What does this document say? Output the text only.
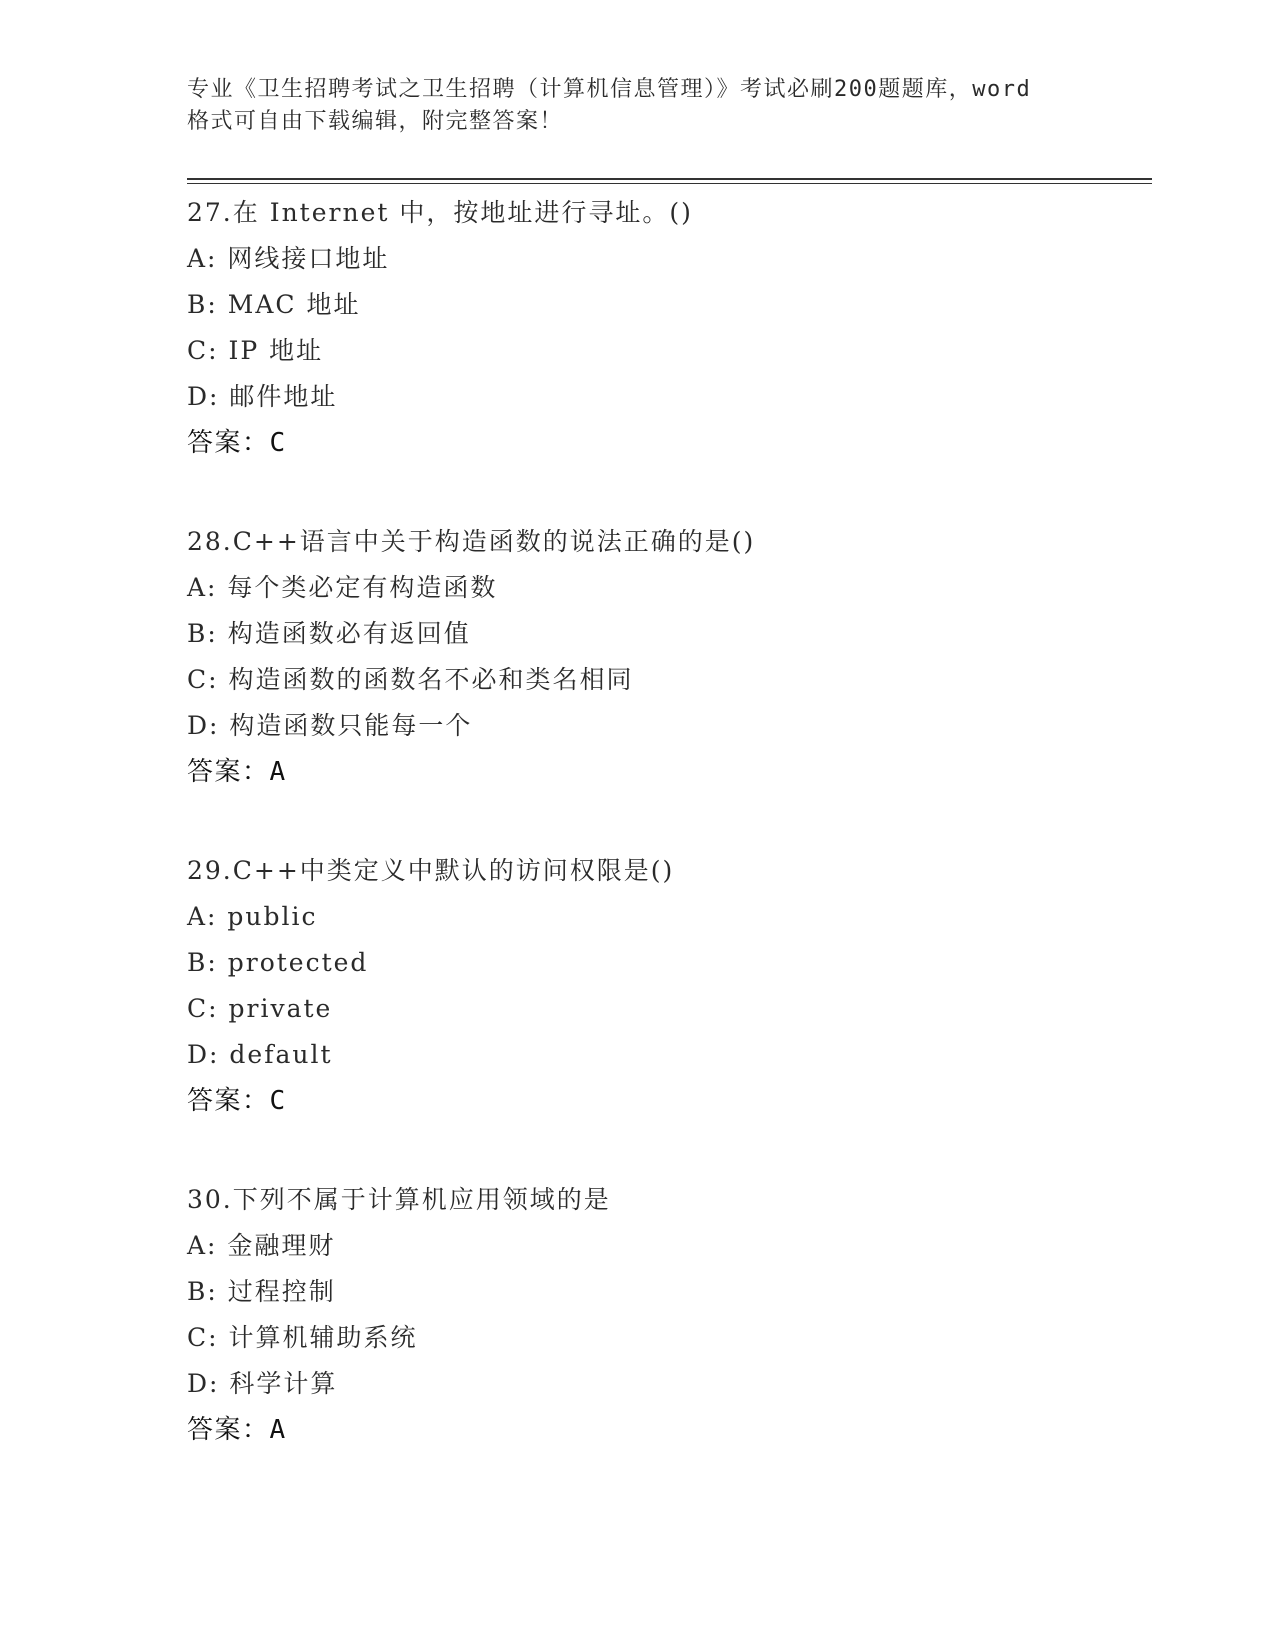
专业《卫生招聘考试之卫生招聘（计算机信息管理）》考试必刷200题题库，word
格式可自由下载编辑，附完整答案！
27.在 Internet 中，按地址进行寻址。()
A: 网线接口地址
B: MAC 地址
C: IP 地址
D: 邮件地址
答案：C
28.C++语言中关于构造函数的说法正确的是()
A: 每个类必定有构造函数
B: 构造函数必有返回值
C: 构造函数的函数名不必和类名相同
D: 构造函数只能每一个
答案：A
29.C++中类定义中默认的访问权限是()
A: public
B: protected
C: private
D: default
答案：C
30.下列不属于计算机应用领域的是
A: 金融理财
B: 过程控制
C: 计算机辅助系统
D: 科学计算
答案：A
